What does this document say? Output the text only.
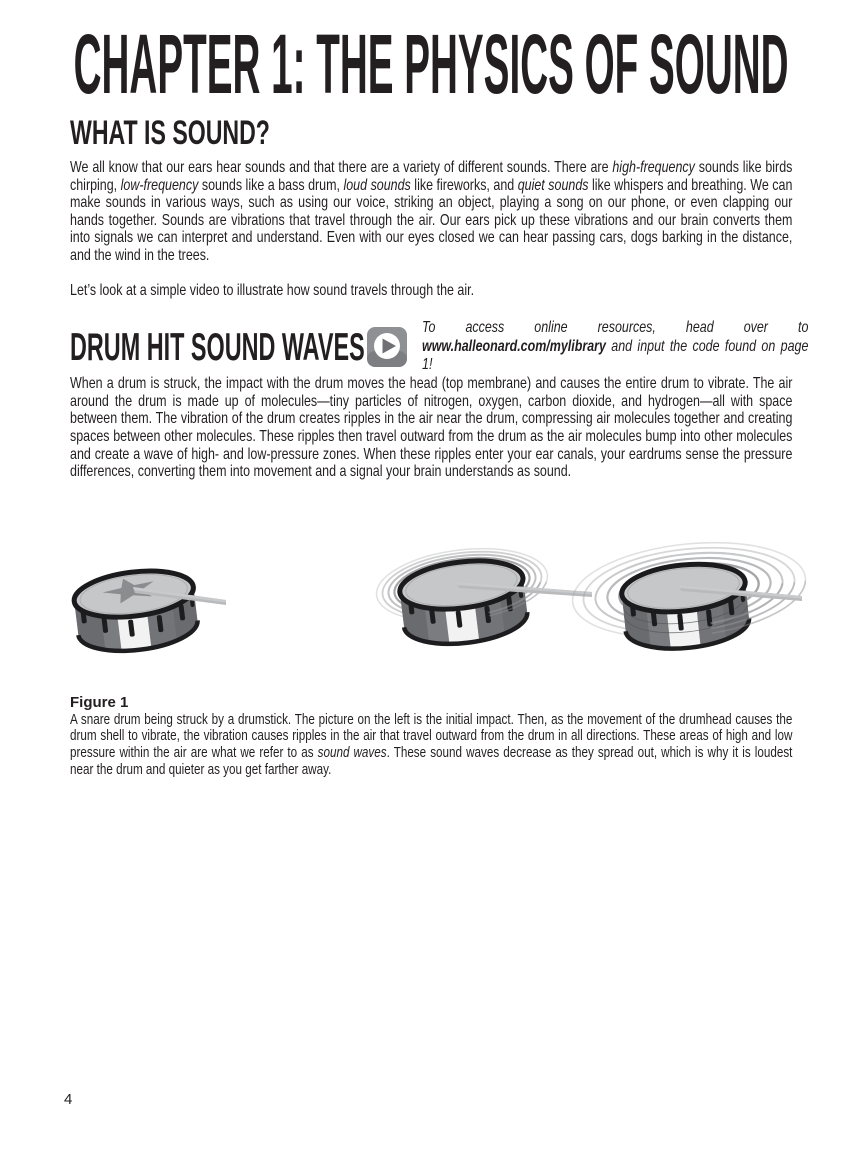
CHAPTER 1: THE PHYSICS OF SOUND
WHAT IS SOUND?
We all know that our ears hear sounds and that there are a variety of different sounds. There are high-frequency sounds like birds chirping, low-frequency sounds like a bass drum, loud sounds like fireworks, and quiet sounds like whispers and breathing. We can make sounds in various ways, such as using our voice, striking an object, playing a song on our phone, or even clapping our hands together. Sounds are vibrations that travel through the air. Our ears pick up these vibrations and our brain converts them into signals we can interpret and understand. Even with our eyes closed we can hear passing cars, dogs barking in the distance, and the wind in the trees.
Let’s look at a simple video to illustrate how sound travels through the air.
DRUM HIT SOUND WAVES	To access online resources, head over to www.halleonard.com/mylibrary and input the code found on page 1!
When a drum is struck, the impact with the drum moves the head (top membrane) and causes the entire drum to vibrate. The air around the drum is made up of molecules—tiny particles of nitrogen, oxygen, carbon dioxide, and hydrogen—all with space between them. The vibration of the drum creates ripples in the air near the drum, compressing air molecules together and creating spaces between other molecules. These ripples then travel outward from the drum as the air molecules bump into other molecules and create a wave of high- and low-pressure zones. When these ripples enter your ear canals, your eardrums sense the pressure differences, converting them into movement and a signal your brain understands as sound.
Figure 1
A snare drum being struck by a drumstick. The picture on the left is the initial impact. Then, as the movement of the drumhead causes the drum shell to vibrate, the vibration causes ripples in the air that travel outward from the drum in all directions. These areas of high and low pressure within the air are what we refer to as sound waves. These sound waves decrease as they spread out, which is why it is loudest near the drum and quieter as you get farther away.
4
